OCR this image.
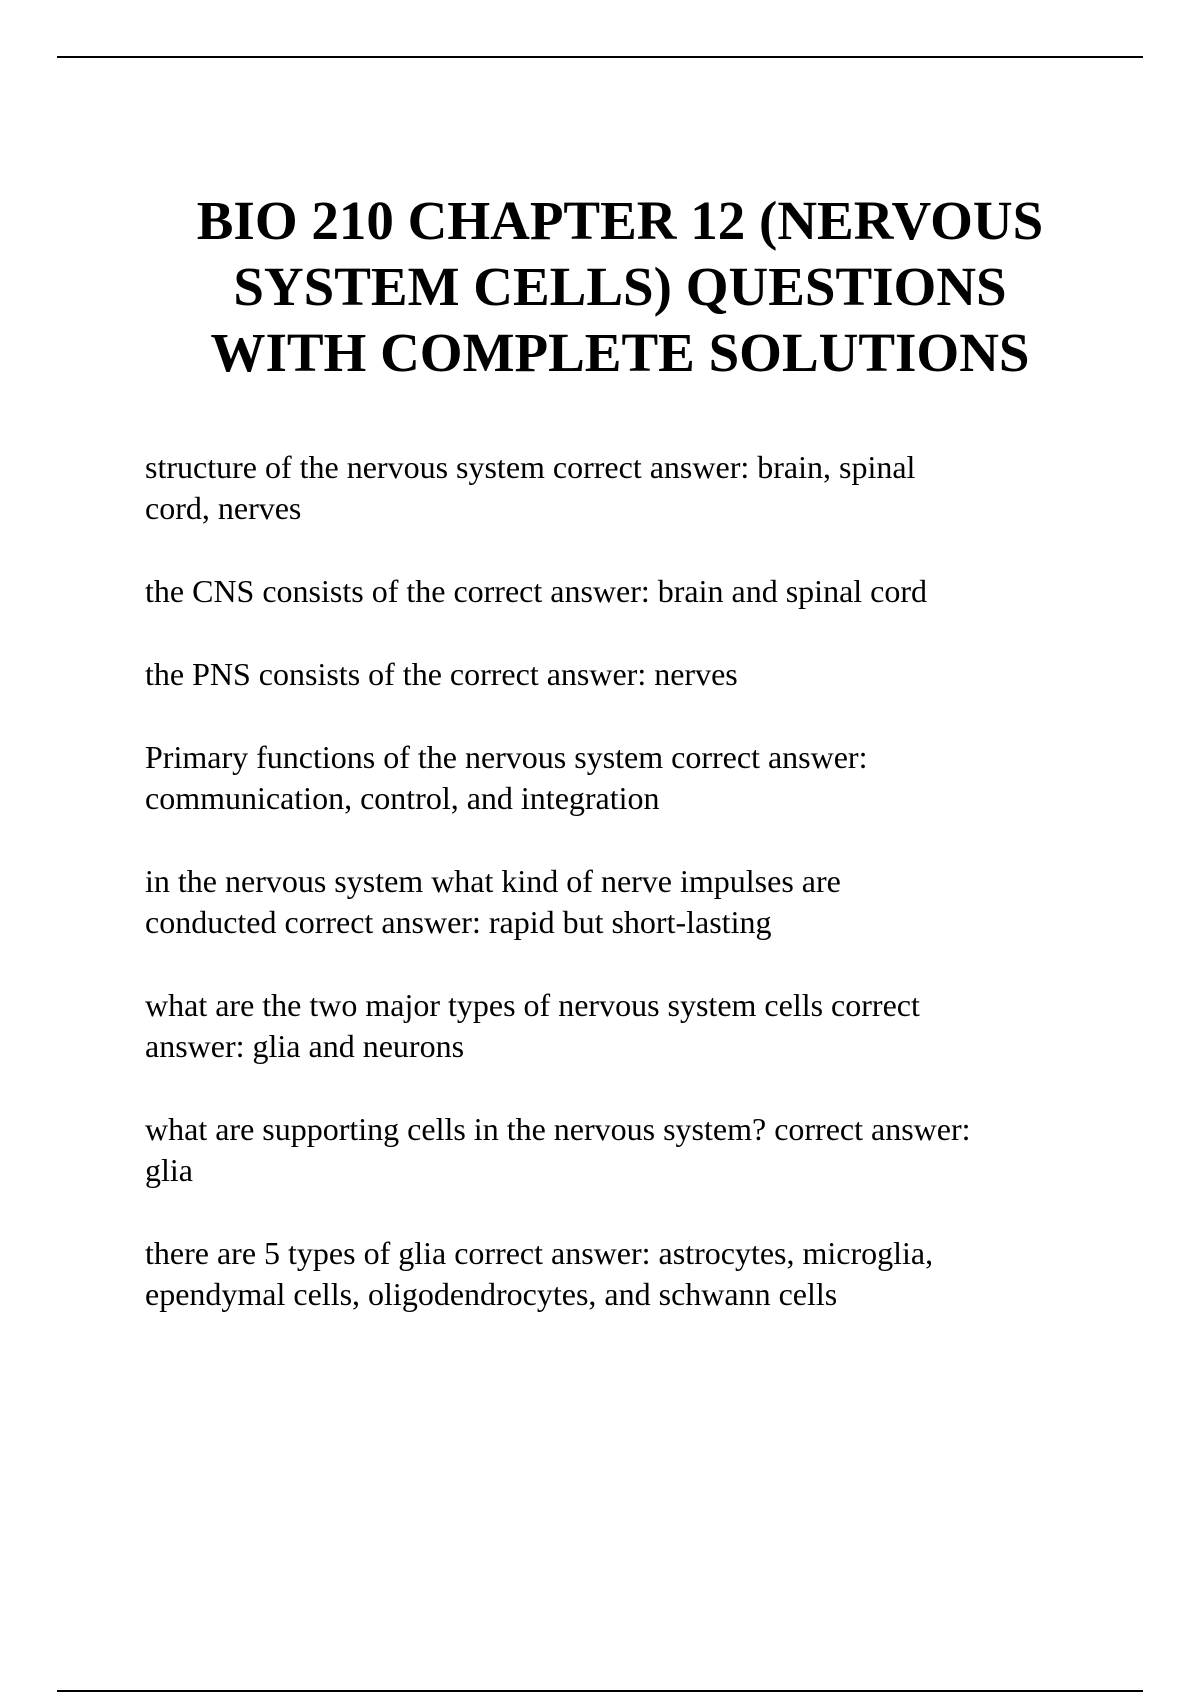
BIO 210 CHAPTER 12 (NERVOUS
SYSTEM CELLS) QUESTIONS
WITH COMPLETE SOLUTIONS
structure of the nervous system correct answer: brain, spinal
cord, nerves
the CNS consists of the correct answer: brain and spinal cord
the PNS consists of the correct answer: nerves
Primary functions of the nervous system correct answer:
communication, control, and integration
in the nervous system what kind of nerve impulses are
conducted correct answer: rapid but short-lasting
what are the two major types of nervous system cells correct
answer: glia and neurons
what are supporting cells in the nervous system? correct answer:
glia
there are 5 types of glia correct answer: astrocytes, microglia,
ependymal cells, oligodendrocytes, and schwann cells
